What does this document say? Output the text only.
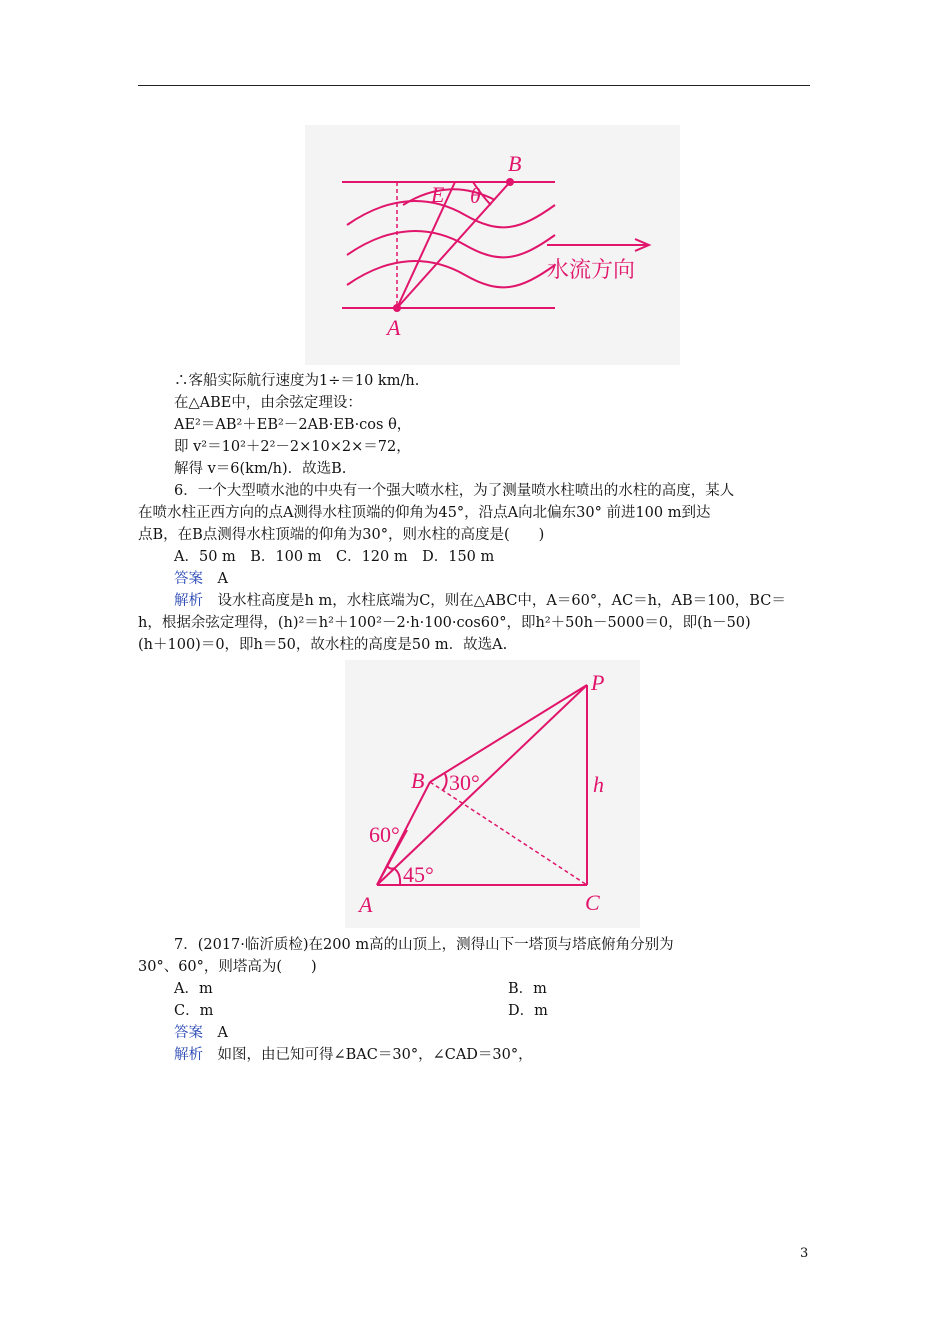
B
E θ
A
水流方向
∴客船实际航行速度为1÷＝10 km/h.
在△ABE中，由余弦定理设：
AE²＝AB²＋EB²－2AB·EB·cos θ，
即 v²＝10²＋2²－2×10×2×＝72，
解得 v＝6(km/h)．故选B.
6．一个大型喷水池的中央有一个强大喷水柱，为了测量喷水柱喷出的水柱的高度，某人
在喷水柱正西方向的点A测得水柱顶端的仰角为45°，沿点A向北偏东30° 前进100 m到达
点B，在B点测得水柱顶端的仰角为30°，则水柱的高度是(　　)
A．50 m　B．100 m　C．120 m　D．150 m
答案　 A
解析　 设水柱高度是h m，水柱底端为C，则在△ABC中，A＝60°，AC＝h，AB＝100，BC＝
h，根据余弦定理得，(h)²＝h²＋100²－2·h·100·cos60°，即h²＋50h－5000＝0，即(h－50)
(h＋100)＝0，即h＝50，故水柱的高度是50 m．故选A.
P
B
A	C
h
30°
60°
45°
7．(2017·临沂质检)在200 m高的山顶上，测得山下一塔顶与塔底俯角分别为
30°、60°，则塔高为(　　)
A．m	B．m
C．m	D．m
答案　 A
解析　 如图，由已知可得∠BAC＝30°，∠CAD＝30°，
3
